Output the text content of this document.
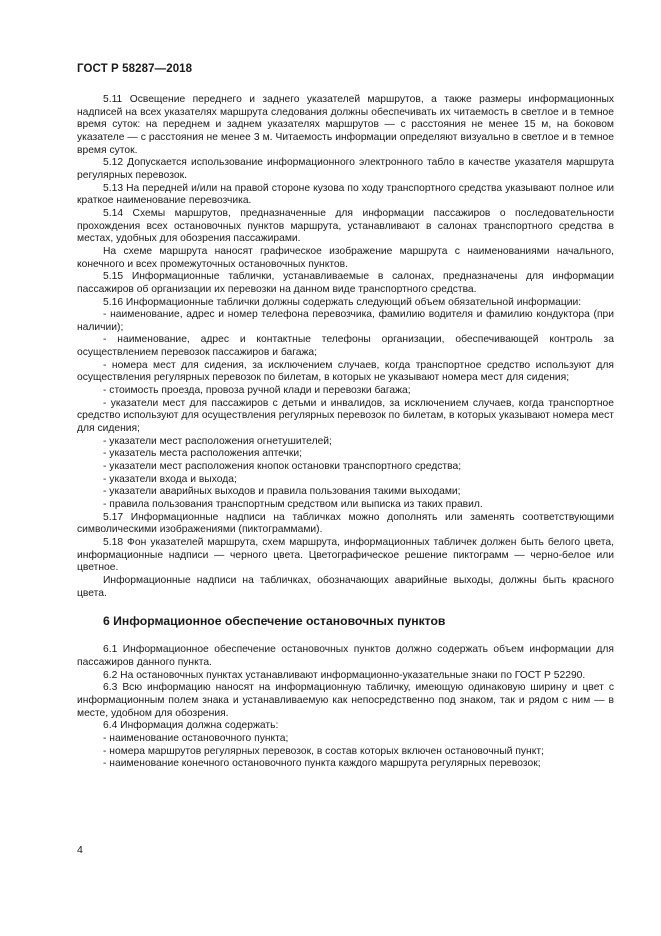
ГОСТ Р 58287—2018

5.11 Освещение переднего и заднего указателей маршрутов, а также размеры информационных надписей на всех указателях маршрута следования должны обеспечивать их читаемость в светлое и в темное время суток: на переднем и заднем указателях маршрутов — с расстояния не менее 15 м, на боковом указателе — с расстояния не менее 3 м. Читаемость информации определяют визуально в светлое и в темное время суток.

5.12 Допускается использование информационного электронного табло в качестве указателя маршрута регулярных перевозок.

5.13 На передней и/или на правой стороне кузова по ходу транспортного средства указывают полное или краткое наименование перевозчика.

5.14 Схемы маршрутов, предназначенные для информации пассажиров о последовательности прохождения всех остановочных пунктов маршрута, устанавливают в салонах транспортного средства в местах, удобных для обозрения пассажирами.

На схеме маршрута наносят графическое изображение маршрута с наименованиями начального, конечного и всех промежуточных остановочных пунктов.

5.15 Информационные таблички, устанавливаемые в салонах, предназначены для информации пассажиров об организации их перевозки на данном виде транспортного средства.

5.16 Информационные таблички должны содержать следующий объем обязательной информации:

- наименование, адрес и номер телефона перевозчика, фамилию водителя и фамилию кондуктора (при наличии);

- наименование, адрес и контактные телефоны организации, обеспечивающей контроль за осуществлением перевозок пассажиров и багажа;

- номера мест для сидения, за исключением случаев, когда транспортное средство используют для осуществления регулярных перевозок по билетам, в которых не указывают номера мест для сидения;

- стоимость проезда, провоза ручной клади и перевозки багажа;

- указатели мест для пассажиров с детьми и инвалидов, за исключением случаев, когда транспортное средство используют для осуществления регулярных перевозок по билетам, в которых указывают номера мест для сидения;

- указатели мест расположения огнетушителей;

- указатель места расположения аптечки;

- указатели мест расположения кнопок остановки транспортного средства;

- указатели входа и выхода;

- указатели аварийных выходов и правила пользования такими выходами;

- правила пользования транспортным средством или выписка из таких правил.

5.17 Информационные надписи на табличках можно дополнять или заменять соответствующими символическими изображениями (пиктограммами).

5.18 Фон указателей маршрута, схем маршрута, информационных табличек должен быть белого цвета, информационные надписи — черного цвета. Цветографическое решение пиктограмм — черно-белое или цветное.

Информационные надписи на табличках, обозначающих аварийные выходы, должны быть красного цвета.

6 Информационное обеспечение остановочных пунктов

6.1 Информационное обеспечение остановочных пунктов должно содержать объем информации для пассажиров данного пункта.

6.2 На остановочных пунктах устанавливают информационно-указательные знаки по ГОСТ Р 52290.

6.3 Всю информацию наносят на информационную табличку, имеющую одинаковую ширину и цвет с информационным полем знака и устанавливаемую как непосредственно под знаком, так и рядом с ним — в месте, удобном для обозрения.

6.4 Информация должна содержать:

- наименование остановочного пункта;

- номера маршрутов регулярных перевозок, в состав которых включен остановочный пункт;

- наименование конечного остановочного пункта каждого маршрута регулярных перевозок;

4
